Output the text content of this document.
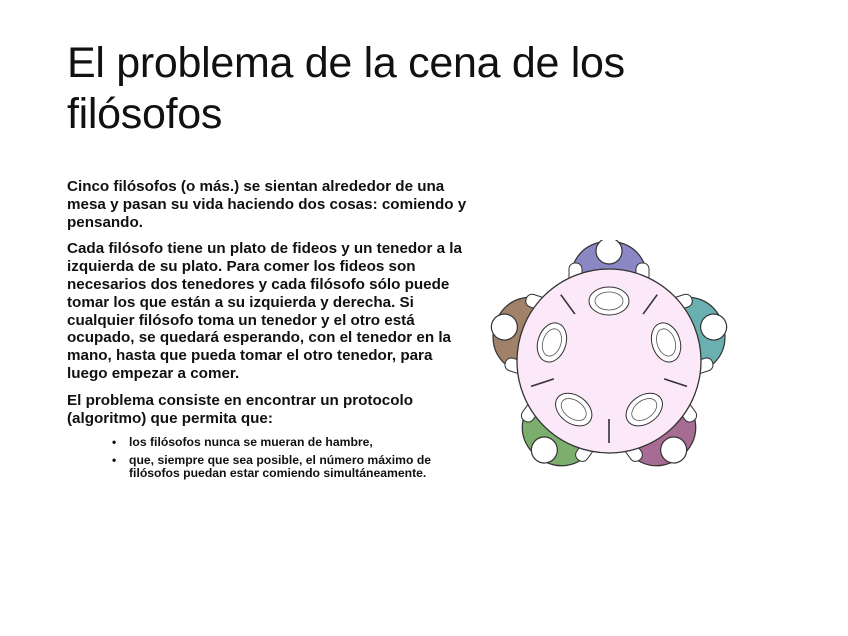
El problema de la cena de los filósofos

Cinco filósofos (o más.) se sientan alrededor de una mesa y pasan su vida haciendo dos cosas: comiendo y pensando.

Cada filósofo tiene un plato de fideos y un tenedor a la izquierda de su plato. Para comer los fideos son necesarios dos tenedores y cada filósofo sólo puede tomar los que están a su izquierda y derecha. Si cualquier filósofo toma un tenedor y el otro está ocupado, se quedará esperando, con el tenedor en la mano, hasta que pueda tomar el otro tenedor, para luego empezar a comer.

El problema consiste en encontrar un protocolo (algoritmo) que permita que:

• los filósofos nunca se mueran de hambre,
• que, siempre que sea posible, el número máximo de filósofos puedan estar comiendo simultáneamente.
